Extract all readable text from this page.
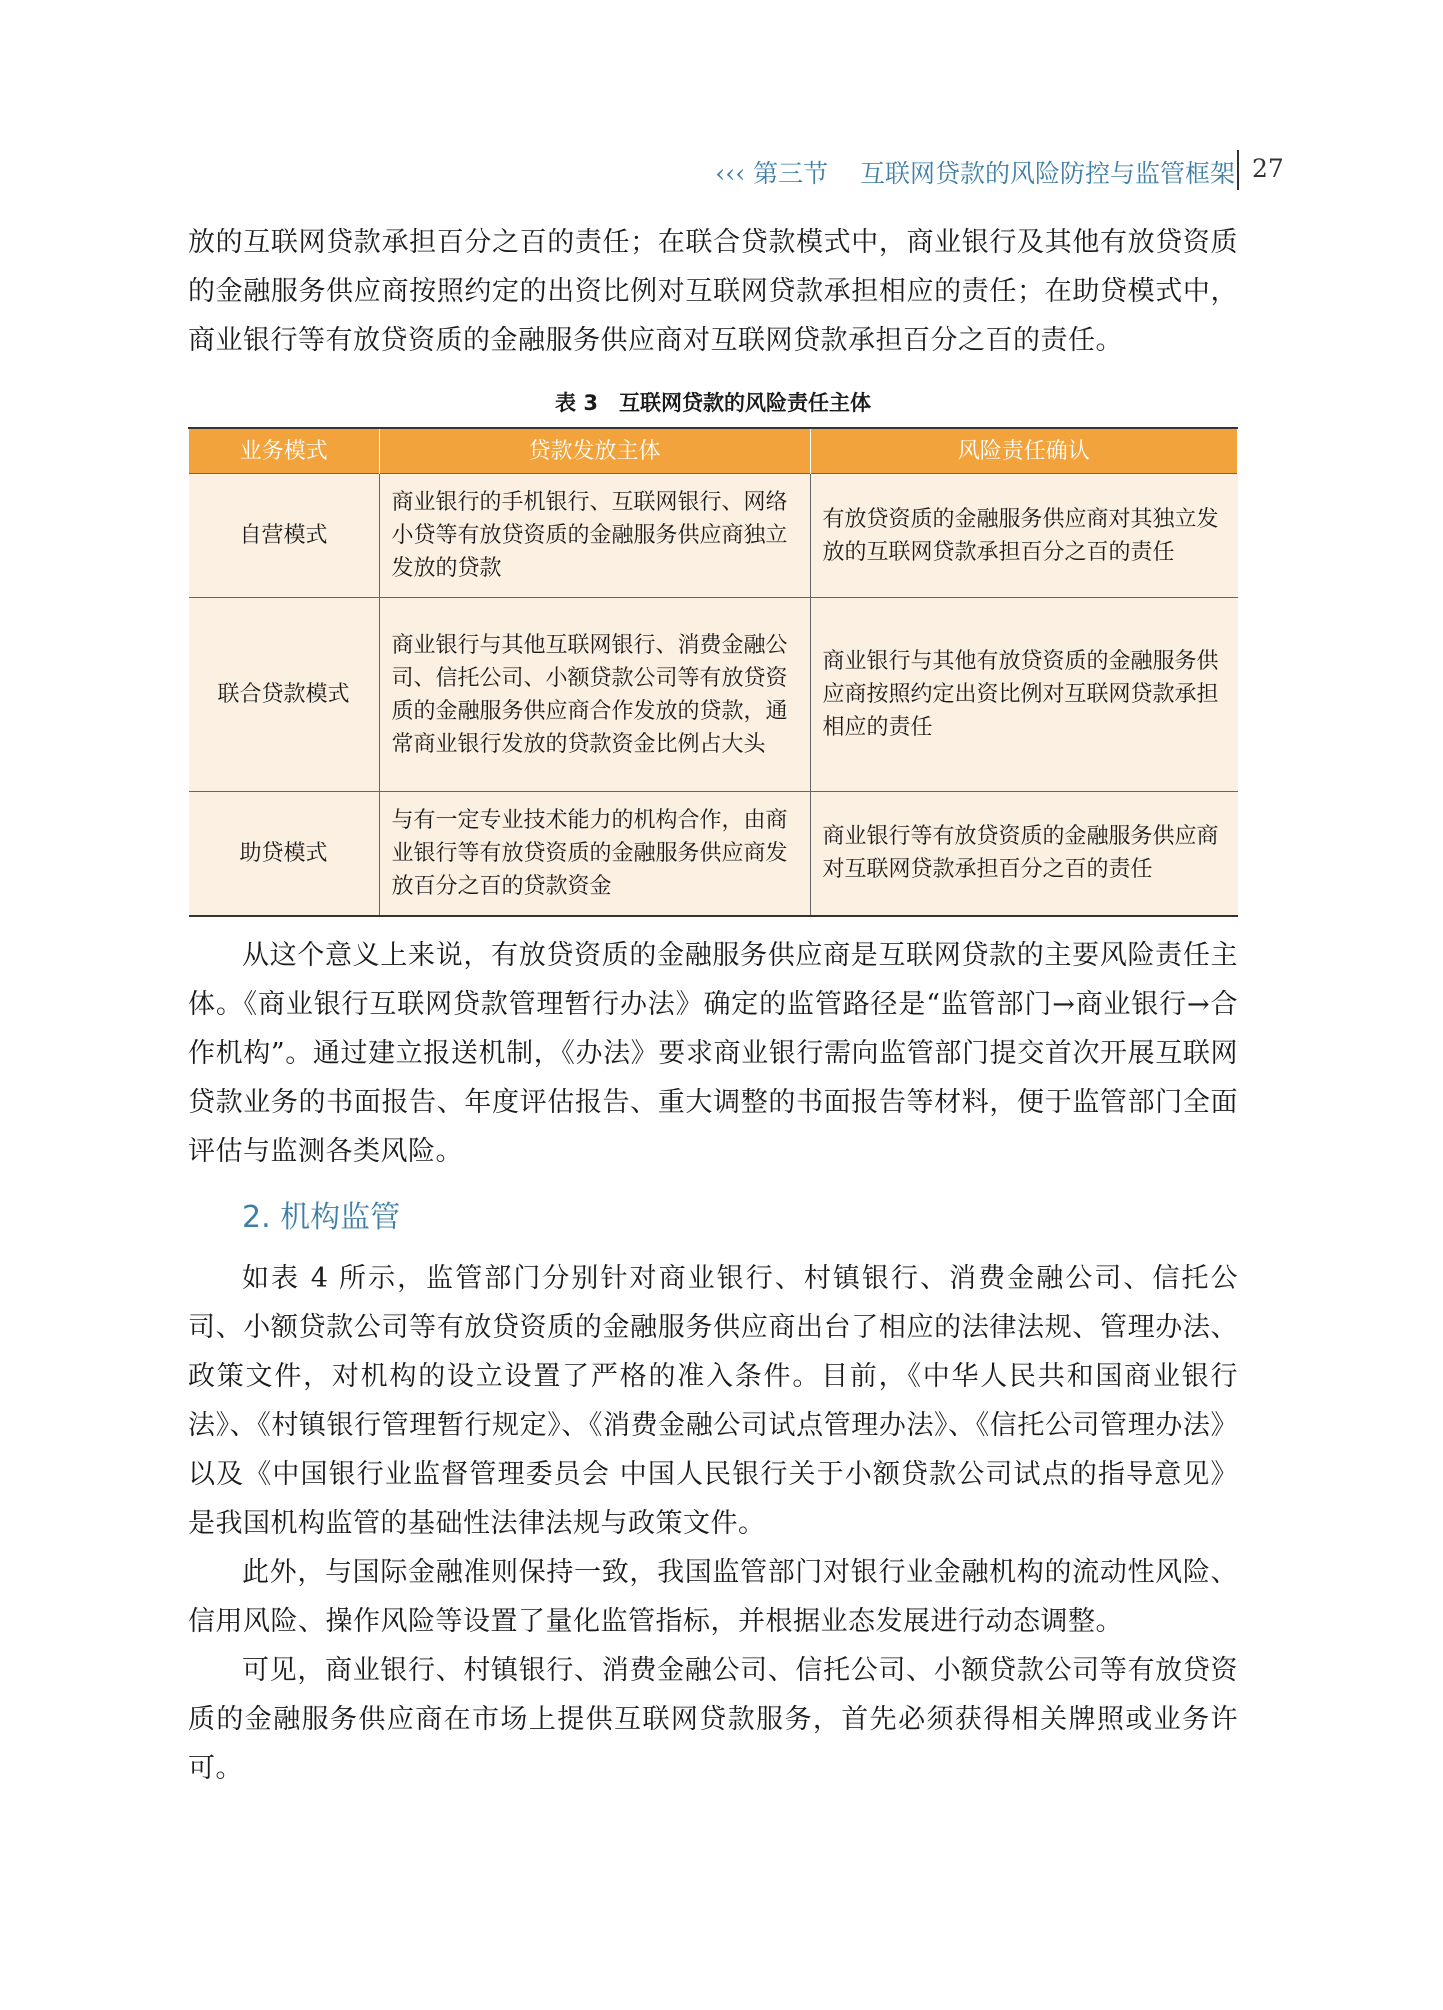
‹‹‹ 第三节 互联网贷款的风险防控与监管框架 27

放的互联网贷款承担百分之百的责任；在联合贷款模式中，商业银行及其他有放贷资质的金融服务供应商按照约定的出资比例对互联网贷款承担相应的责任；在助贷模式中，商业银行等有放贷资质的金融服务供应商对互联网贷款承担百分之百的责任。

表 3　互联网贷款的风险责任主体
业务模式	贷款发放主体	风险责任确认
自营模式	商业银行的手机银行、互联网银行、网络小贷等有放贷资质的金融服务供应商独立发放的贷款	有放贷资质的金融服务供应商对其独立发放的互联网贷款承担百分之百的责任
联合贷款模式	商业银行与其他互联网银行、消费金融公司、信托公司、小额贷款公司等有放贷资质的金融服务供应商合作发放的贷款，通常商业银行发放的贷款资金比例占大头	商业银行与其他有放贷资质的金融服务供应商按照约定出资比例对互联网贷款承担相应的责任
助贷模式	与有一定专业技术能力的机构合作，由商业银行等有放贷资质的金融服务供应商发放百分之百的贷款资金	商业银行等有放贷资质的金融服务供应商对互联网贷款承担百分之百的责任

从这个意义上来说，有放贷资质的金融服务供应商是互联网贷款的主要风险责任主体。《商业银行互联网贷款管理暂行办法》确定的监管路径是“监管部门→商业银行→合作机构”。通过建立报送机制，《办法》要求商业银行需向监管部门提交首次开展互联网贷款业务的书面报告、年度评估报告、重大调整的书面报告等材料，便于监管部门全面评估与监测各类风险。

2. 机构监管

如表 4 所示，监管部门分别针对商业银行、村镇银行、消费金融公司、信托公司、小额贷款公司等有放贷资质的金融服务供应商出台了相应的法律法规、管理办法、政策文件，对机构的设立设置了严格的准入条件。目前，《中华人民共和国商业银行法》、《村镇银行管理暂行规定》、《消费金融公司试点管理办法》、《信托公司管理办法》以及《中国银行业监督管理委员会 中国人民银行关于小额贷款公司试点的指导意见》是我国机构监管的基础性法律法规与政策文件。

此外，与国际金融准则保持一致，我国监管部门对银行业金融机构的流动性风险、信用风险、操作风险等设置了量化监管指标，并根据业态发展进行动态调整。

可见，商业银行、村镇银行、消费金融公司、信托公司、小额贷款公司等有放贷资质的金融服务供应商在市场上提供互联网贷款服务，首先必须获得相关牌照或业务许可。
